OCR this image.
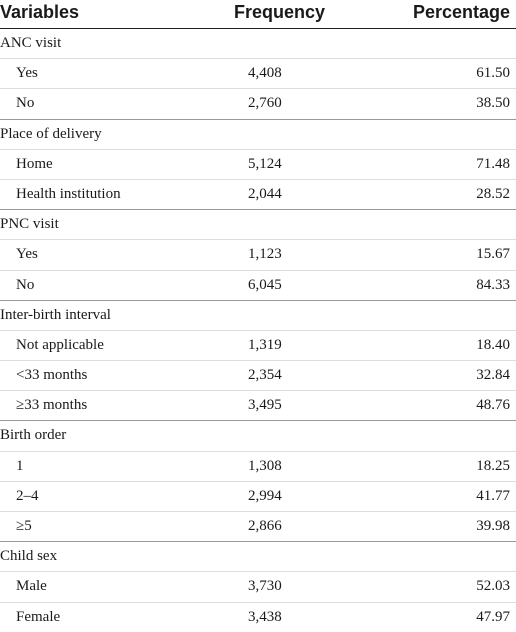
Variables	Frequency	Percentage
ANC visit
Yes	4,408	61.50
No	2,760	38.50
Place of delivery
Home	5,124	71.48
Health institution	2,044	28.52
PNC visit
Yes	1,123	15.67
No	6,045	84.33
Inter-birth interval
Not applicable	1,319	18.40
<33 months	2,354	32.84
≥33 months	3,495	48.76
Birth order
1	1,308	18.25
2–4	2,994	41.77
≥5	2,866	39.98
Child sex
Male	3,730	52.03
Female	3,438	47.97
